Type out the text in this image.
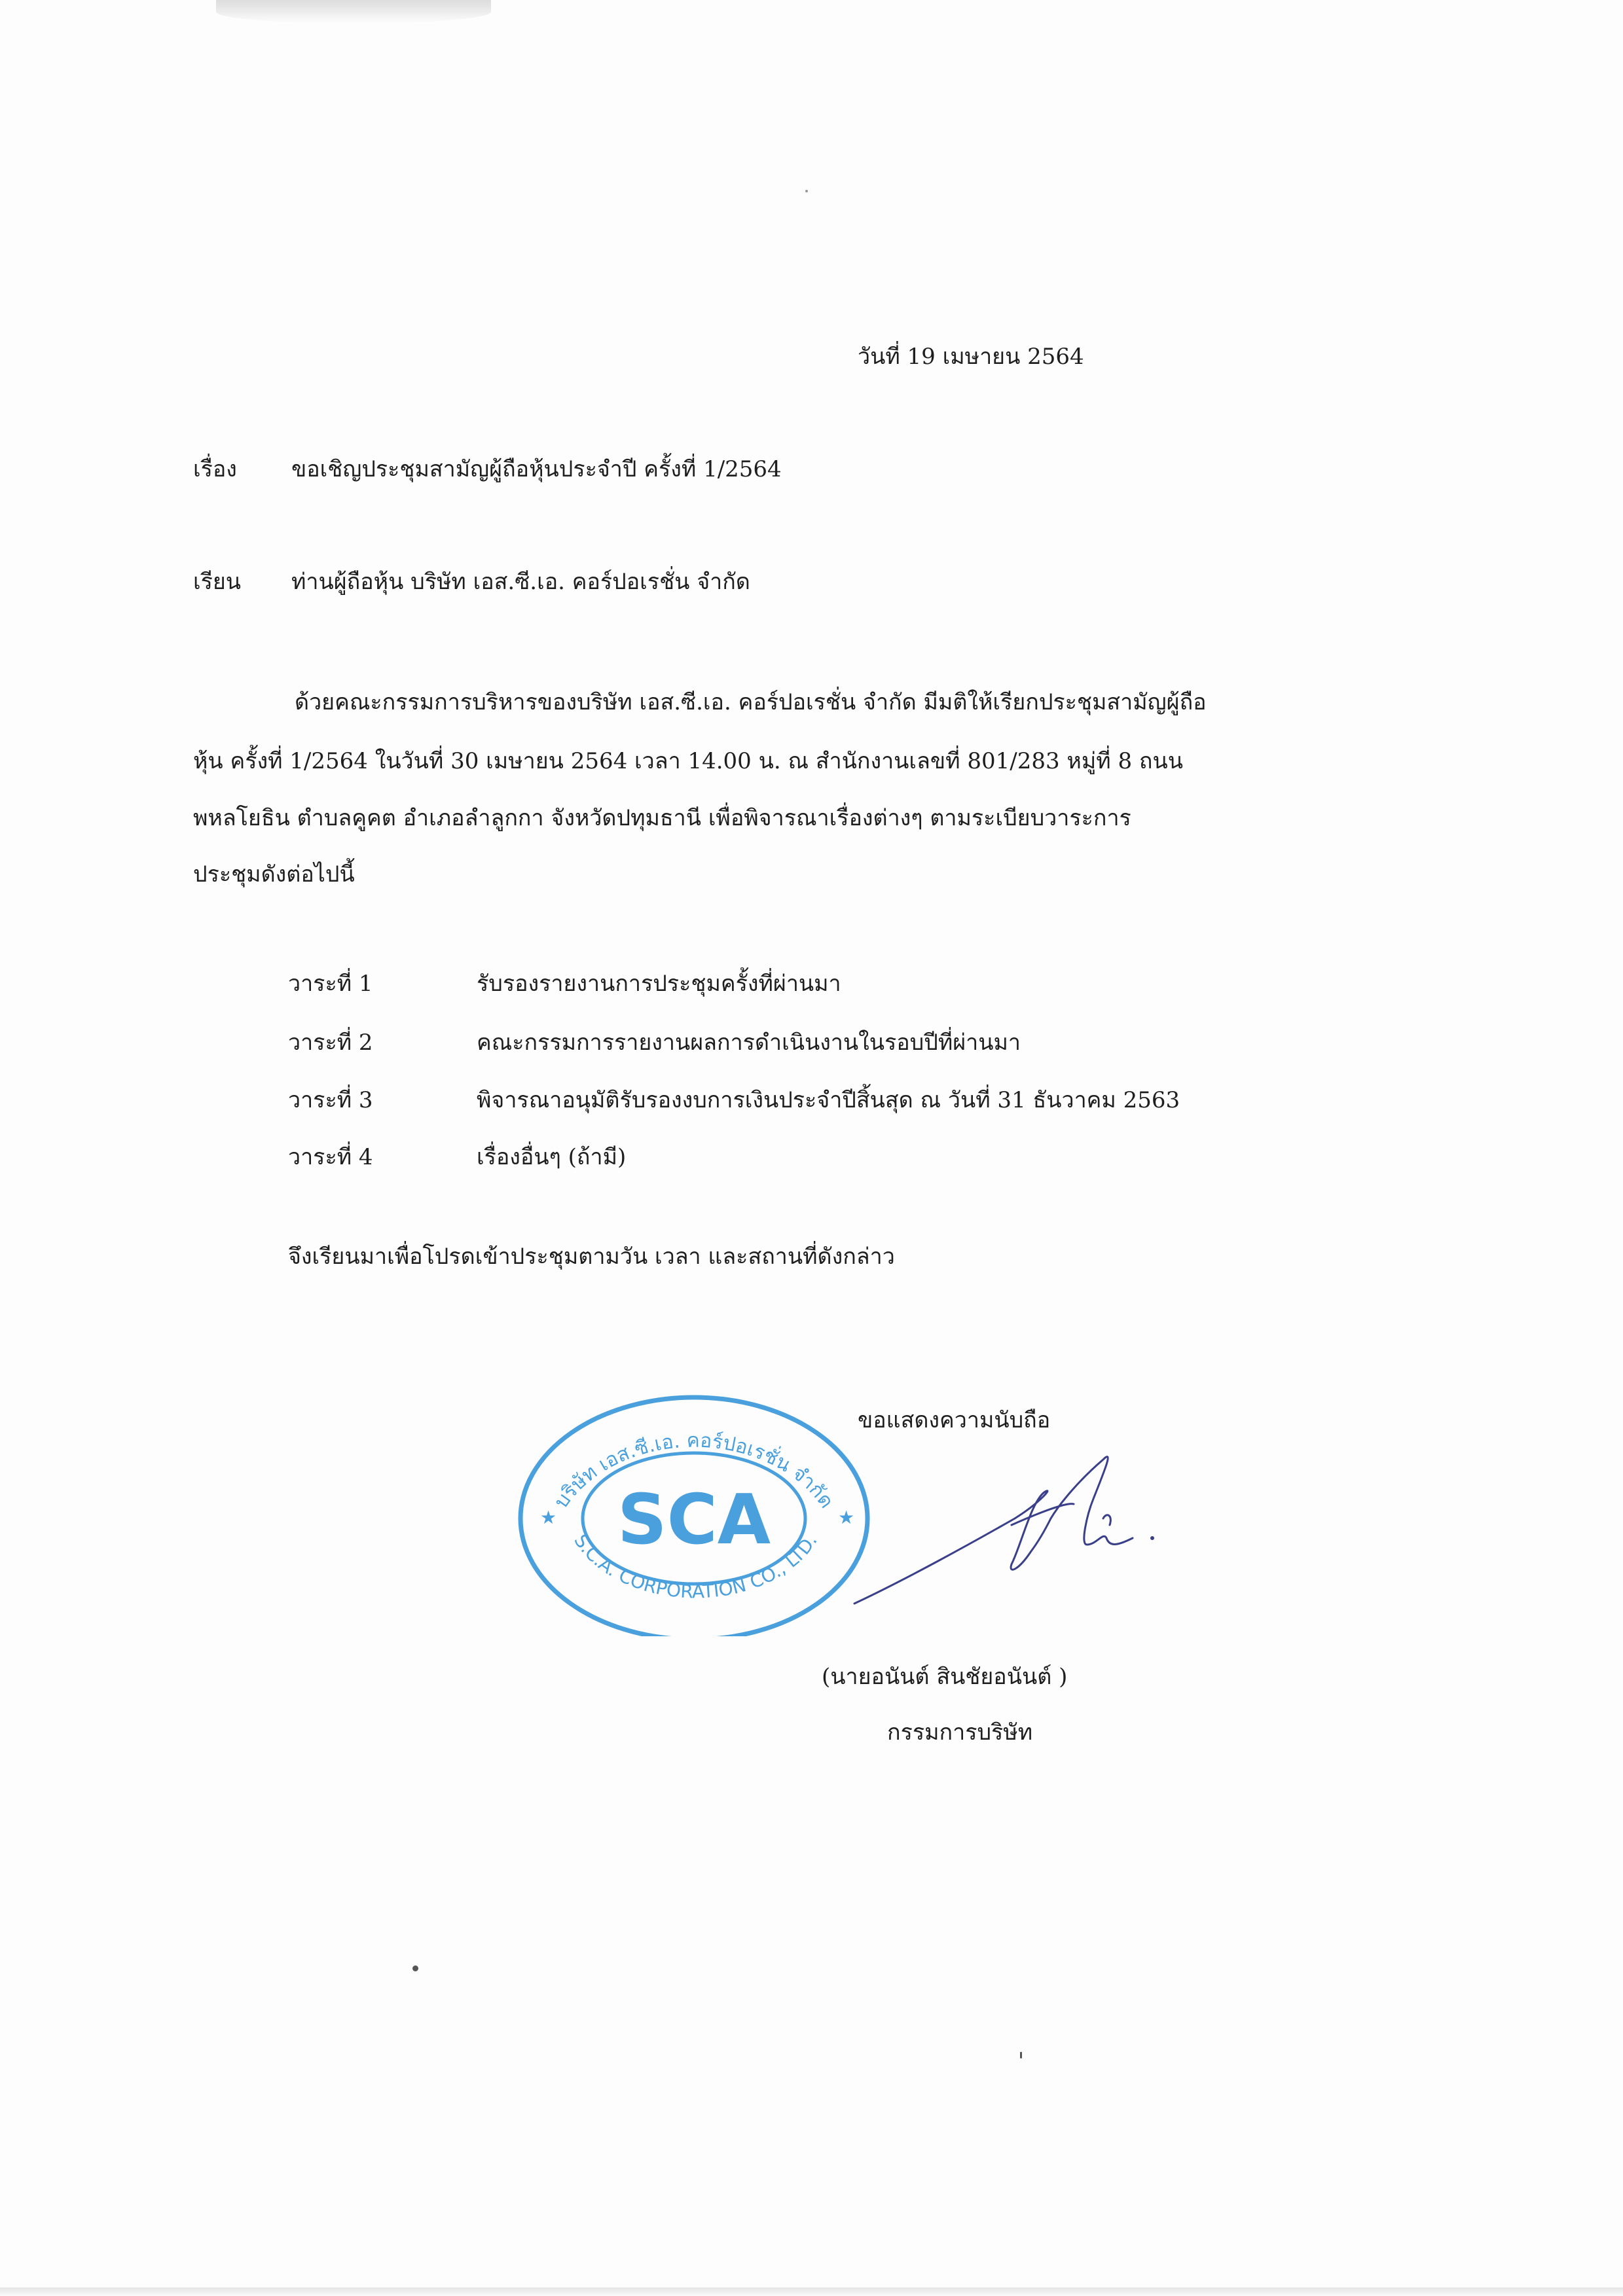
วันที่ 19 เมษายน 2564
เรื่อง ขอเชิญประชุมสามัญผู้ถือหุ้นประจำปี ครั้งที่ 1/2564
เรียน ท่านผู้ถือหุ้น บริษัท เอส.ซี.เอ. คอร์ปอเรชั่น จำกัด
ด้วยคณะกรรมการบริหารของบริษัท เอส.ซี.เอ. คอร์ปอเรชั่น จำกัด มีมติให้เรียกประชุมสามัญผู้ถือ
หุ้น ครั้งที่ 1/2564 ในวันที่ 30 เมษายน 2564 เวลา 14.00 น. ณ สำนักงานเลขที่ 801/283 หมู่ที่ 8 ถนน
พหลโยธิน ตำบลคูคต อำเภอลำลูกกา จังหวัดปทุมธานี เพื่อพิจารณาเรื่องต่างๆ ตามระเบียบวาระการ
ประชุมดังต่อไปนี้
วาระที่ 1	รับรองรายงานการประชุมครั้งที่ผ่านมา
วาระที่ 2	คณะกรรมการรายงานผลการดำเนินงานในรอบปีที่ผ่านมา
วาระที่ 3	พิจารณาอนุมัติรับรองงบการเงินประจำปีสิ้นสุด ณ วันที่ 31 ธันวาคม 2563
วาระที่ 4	เรื่องอื่นๆ (ถ้ามี)
จึงเรียนมาเพื่อโปรดเข้าประชุมตามวัน เวลา และสถานที่ดังกล่าว
ขอแสดงความนับถือ
บริษัท เอส.ซี.เอ. คอร์ปอเรชั่น จำกัด
S.C.A. CORPORATION CO., LTD.
SCA
★	★
(นายอนันต์ สินชัยอนันต์ )
กรรมการบริษัท
